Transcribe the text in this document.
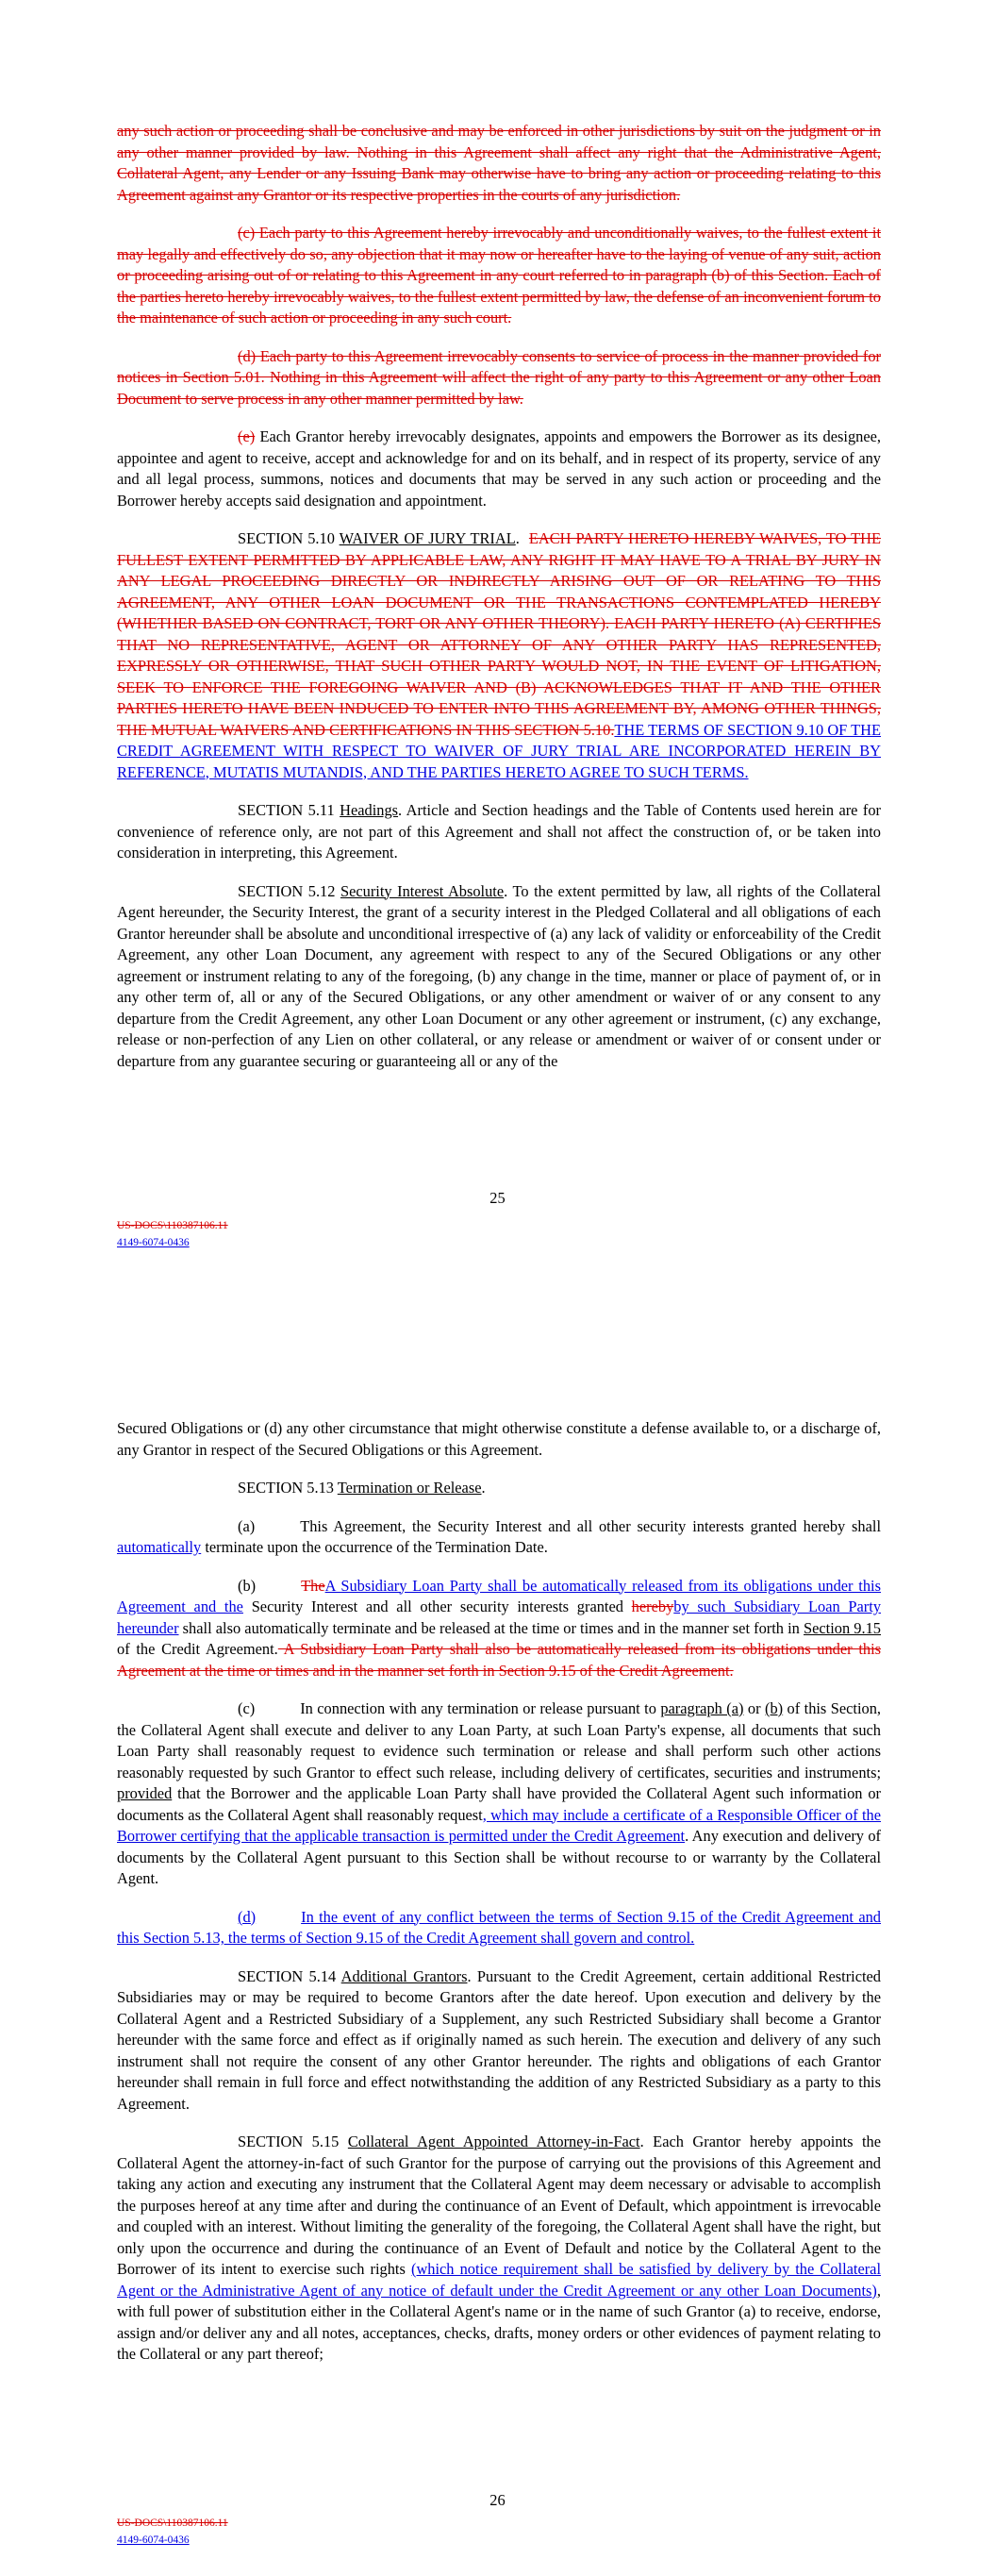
any such action or proceeding shall be conclusive and may be enforced in other jurisdictions by suit on the judgment or in any other manner provided by law. Nothing in this Agreement shall affect any right that the Administrative Agent, Collateral Agent, any Lender or any Issuing Bank may otherwise have to bring any action or proceeding relating to this Agreement against any Grantor or its respective properties in the courts of any jurisdiction.

(c) Each party to this Agreement hereby irrevocably and unconditionally waives, to the fullest extent it may legally and effectively do so, any objection that it may now or hereafter have to the laying of venue of any suit, action or proceeding arising out of or relating to this Agreement in any court referred to in paragraph (b) of this Section. Each of the parties hereto hereby irrevocably waives, to the fullest extent permitted by law, the defense of an inconvenient forum to the maintenance of such action or proceeding in any such court.

(d) Each party to this Agreement irrevocably consents to service of process in the manner provided for notices in Section 5.01. Nothing in this Agreement will affect the right of any party to this Agreement or any other Loan Document to serve process in any other manner permitted by law.

(e) Each Grantor hereby irrevocably designates, appoints and empowers the Borrower as its designee, appointee and agent to receive, accept and acknowledge for and on its behalf, and in respect of its property, service of any and all legal process, summons, notices and documents that may be served in any such action or proceeding and the Borrower hereby accepts said designation and appointment.

SECTION 5.10 WAIVER OF JURY TRIAL.  EACH PARTY HERETO HEREBY WAIVES, TO THE FULLEST EXTENT PERMITTED BY APPLICABLE LAW, ANY RIGHT IT MAY HAVE TO A TRIAL BY JURY IN ANY LEGAL PROCEEDING DIRECTLY OR INDIRECTLY ARISING OUT OF OR RELATING TO THIS AGREEMENT, ANY OTHER LOAN DOCUMENT OR THE TRANSACTIONS CONTEMPLATED HEREBY (WHETHER BASED ON CONTRACT, TORT OR ANY OTHER THEORY). EACH PARTY HERETO (A) CERTIFIES THAT NO REPRESENTATIVE, AGENT OR ATTORNEY OF ANY OTHER PARTY HAS REPRESENTED, EXPRESSLY OR OTHERWISE, THAT SUCH OTHER PARTY WOULD NOT, IN THE EVENT OF LITIGATION, SEEK TO ENFORCE THE FOREGOING WAIVER AND (B) ACKNOWLEDGES THAT IT AND THE OTHER PARTIES HERETO HAVE BEEN INDUCED TO ENTER INTO THIS AGREEMENT BY, AMONG OTHER THINGS, THE MUTUAL WAIVERS AND CERTIFICATIONS IN THIS SECTION 5.10.THE TERMS OF SECTION 9.10 OF THE CREDIT AGREEMENT WITH RESPECT TO WAIVER OF JURY TRIAL ARE INCORPORATED HEREIN BY REFERENCE, MUTATIS MUTANDIS, AND THE PARTIES HERETO AGREE TO SUCH TERMS.

SECTION 5.11 Headings. Article and Section headings and the Table of Contents used herein are for convenience of reference only, are not part of this Agreement and shall not affect the construction of, or be taken into consideration in interpreting, this Agreement.

SECTION 5.12 Security Interest Absolute. To the extent permitted by law, all rights of the Collateral Agent hereunder, the Security Interest, the grant of a security interest in the Pledged Collateral and all obligations of each Grantor hereunder shall be absolute and unconditional irrespective of (a) any lack of validity or enforceability of the Credit Agreement, any other Loan Document, any agreement with respect to any of the Secured Obligations or any other agreement or instrument relating to any of the foregoing, (b) any change in the time, manner or place of payment of, or in any other term of, all or any of the Secured Obligations, or any other amendment or waiver of or any consent to any departure from the Credit Agreement, any other Loan Document or any other agreement or instrument, (c) any exchange, release or non-perfection of any Lien on other collateral, or any release or amendment or waiver of or consent under or departure from any guarantee securing or guaranteeing all or any of the

25
US-DOCS\110387106.11
4149-6074-0436

Secured Obligations or (d) any other circumstance that might otherwise constitute a defense available to, or a discharge of, any Grantor in respect of the Secured Obligations or this Agreement.

SECTION 5.13 Termination or Release.

(a)	This Agreement, the Security Interest and all other security interests granted hereby shall automatically terminate upon the occurrence of the Termination Date.

(b)	TheA Subsidiary Loan Party shall be automatically released from its obligations under this Agreement and the Security Interest and all other security interests granted herebyby such Subsidiary Loan Party hereunder shall also automatically terminate and be released at the time or times and in the manner set forth in Section 9.15 of the Credit Agreement. A Subsidiary Loan Party shall also be automatically released from its obligations under this Agreement at the time or times and in the manner set forth in Section 9.15 of the Credit Agreement.

(c)	In connection with any termination or release pursuant to paragraph (a) or (b) of this Section, the Collateral Agent shall execute and deliver to any Loan Party, at such Loan Party's expense, all documents that such Loan Party shall reasonably request to evidence such termination or release and shall perform such other actions reasonably requested by such Grantor to effect such release, including delivery of certificates, securities and instruments; provided that the Borrower and the applicable Loan Party shall have provided the Collateral Agent such information or documents as the Collateral Agent shall reasonably request, which may include a certificate of a Responsible Officer of the Borrower certifying that the applicable transaction is permitted under the Credit Agreement. Any execution and delivery of documents by the Collateral Agent pursuant to this Section shall be without recourse to or warranty by the Collateral Agent.

(d)	In the event of any conflict between the terms of Section 9.15 of the Credit Agreement and this Section 5.13, the terms of Section 9.15 of the Credit Agreement shall govern and control.

SECTION 5.14 Additional Grantors. Pursuant to the Credit Agreement, certain additional Restricted Subsidiaries may or may be required to become Grantors after the date hereof. Upon execution and delivery by the Collateral Agent and a Restricted Subsidiary of a Supplement, any such Restricted Subsidiary shall become a Grantor hereunder with the same force and effect as if originally named as such herein. The execution and delivery of any such instrument shall not require the consent of any other Grantor hereunder. The rights and obligations of each Grantor hereunder shall remain in full force and effect notwithstanding the addition of any Restricted Subsidiary as a party to this Agreement.

SECTION 5.15 Collateral Agent Appointed Attorney-in-Fact. Each Grantor hereby appoints the Collateral Agent the attorney-in-fact of such Grantor for the purpose of carrying out the provisions of this Agreement and taking any action and executing any instrument that the Collateral Agent may deem necessary or advisable to accomplish the purposes hereof at any time after and during the continuance of an Event of Default, which appointment is irrevocable and coupled with an interest. Without limiting the generality of the foregoing, the Collateral Agent shall have the right, but only upon the occurrence and during the continuance of an Event of Default and notice by the Collateral Agent to the Borrower of its intent to exercise such rights (which notice requirement shall be satisfied by delivery by the Collateral Agent or the Administrative Agent of any notice of default under the Credit Agreement or any other Loan Documents), with full power of substitution either in the Collateral Agent's name or in the name of such Grantor (a) to receive, endorse, assign and/or deliver any and all notes, acceptances, checks, drafts, money orders or other evidences of payment relating to the Collateral or any part thereof;

26
US-DOCS\110387106.11
4149-6074-0436
